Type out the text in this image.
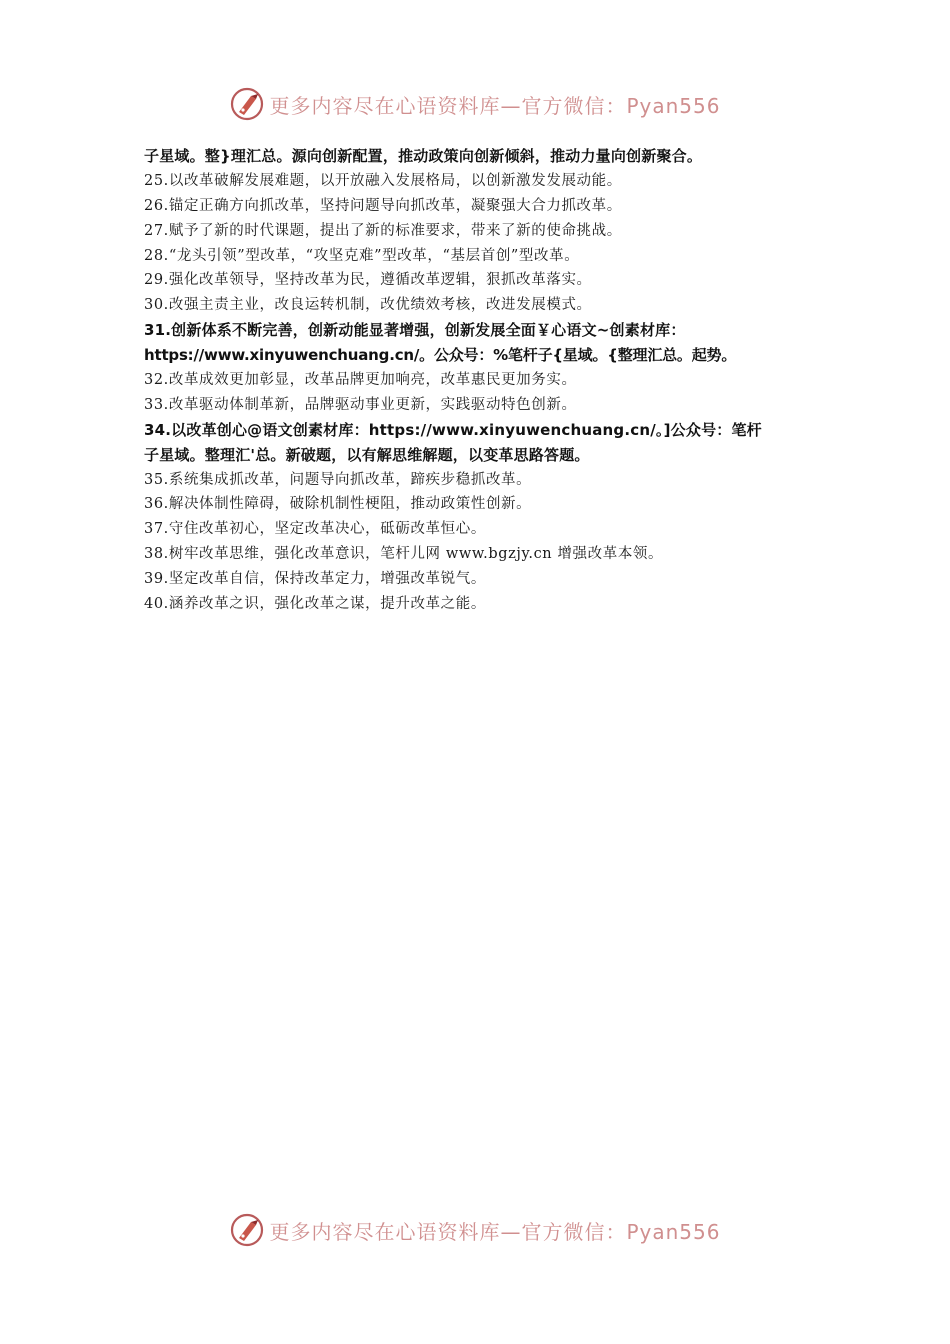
更多内容尽在心语资料库—官方微信：Pyan556
子星域。整}理汇总。源向创新配置，推动政策向创新倾斜，推动力量向创新聚合。
25.以改革破解发展难题，以开放融入发展格局，以创新激发发展动能。
26.锚定正确方向抓改革，坚持问题导向抓改革，凝聚强大合力抓改革。
27.赋予了新的时代课题，提出了新的标准要求，带来了新的使命挑战。
28.“龙头引领”型改革，“攻坚克难”型改革，“基层首创”型改革。
29.强化改革领导，坚持改革为民，遵循改革逻辑，狠抓改革落实。
30.改强主责主业，改良运转机制，改优绩效考核，改进发展模式。
31.创新体系不断完善，创新动能显著增强，创新发展全面￥心语文~创素材库：
https://www.xinyuwenchuang.cn/。公众号：%笔杆子{星域。{整理汇总。起势。
32.改革成效更加彰显，改革品牌更加响亮，改革惠民更加务实。
33.改革驱动体制革新，品牌驱动事业更新，实践驱动特色创新。
34.以改革创心@语文创素材库：https://www.xinyuwenchuang.cn/。]公众号：笔杆
子星域。整理汇'总。新破题，以有解思维解题，以变革思路答题。
35.系统集成抓改革，问题导向抓改革，蹄疾步稳抓改革。
36.解决体制性障碍，破除机制性梗阻，推动政策性创新。
37.守住改革初心，坚定改革决心，砥砺改革恒心。
38.树牢改革思维，强化改革意识，笔杆儿网 www.bgzjy.cn 增强改革本领。
39.坚定改革自信，保持改革定力，增强改革锐气。
40.涵养改革之识，强化改革之谋，提升改革之能。
更多内容尽在心语资料库—官方微信：Pyan556
